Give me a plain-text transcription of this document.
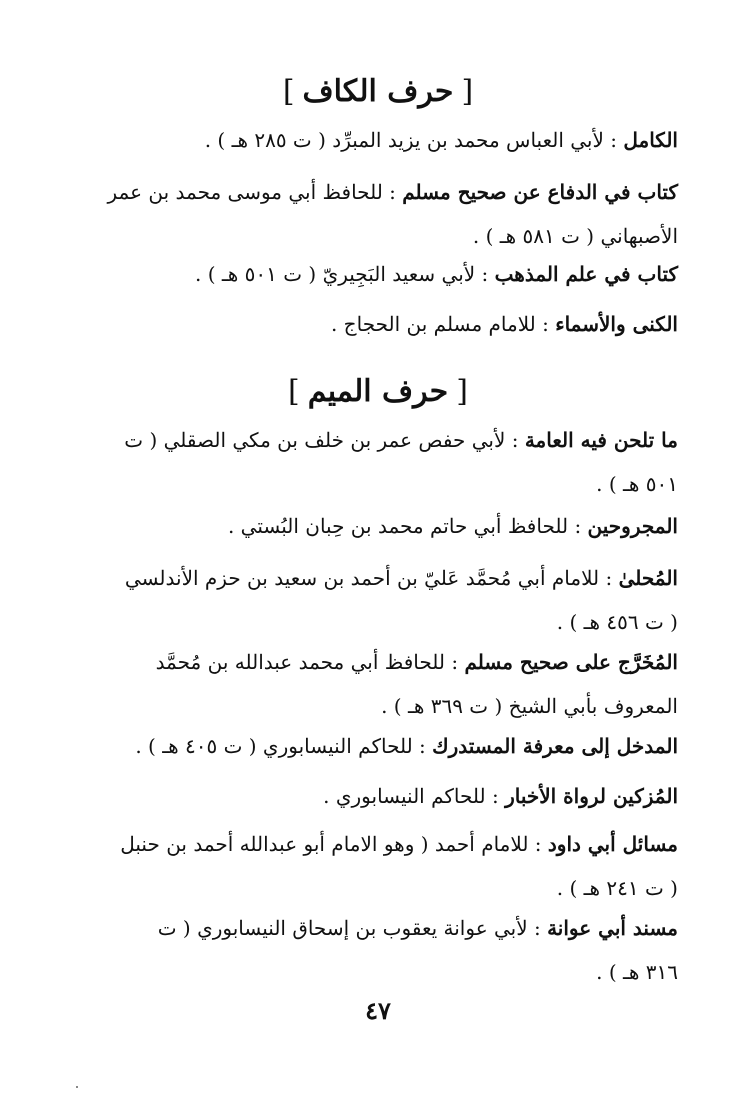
[حرف الكاف]
الكامل : لأبي العباس محمد بن يزيد المبرِّد ( ت ٢٨٥ هـ ) .
كتاب في الدفاع عن صحيح مسلم : للحافظ أبي موسى محمد بن عمر
الأصبهاني ( ت ٥٨١ هـ ) .
كتاب في علم المذهب : لأبي سعيد البَجِيريّ ( ت ٥٠١ هـ ) .
الكنى والأسماء : للامام مسلم بن الحجاج .
[حرف الميم]
ما تلحن فيه العامة : لأبي حفص عمر بن خلف بن مكي الصقلي ( ت
٥٠١ هـ ) .
المجروحين : للحافظ أبي حاتم محمد بن حِبان البُستي .
المُحلىٰ : للامام أبي مُحمَّد عَليّ بن أحمد بن سعيد بن حزم الأندلسي
( ت ٤٥٦ هـ ) .
المُخَرَّج على صحيح مسلم : للحافظ أبي محمد عبدالله بن مُحمَّد
المعروف بأبي الشيخ ( ت ٣٦٩ هـ ) .
المدخل إلى معرفة المستدرك : للحاكم النيسابوري ( ت ٤٠٥ هـ ) .
المُزكين لرواة الأخبار : للحاكم النيسابوري .
مسائل أبي داود : للامام أحمد ( وهو الامام أبو عبدالله أحمد بن حنبل
( ت ٢٤١ هـ ) .
مسند أبي عوانة : لأبي عوانة يعقوب بن إسحاق النيسابوري ( ت
٣١٦ هـ ) .
٤٧
